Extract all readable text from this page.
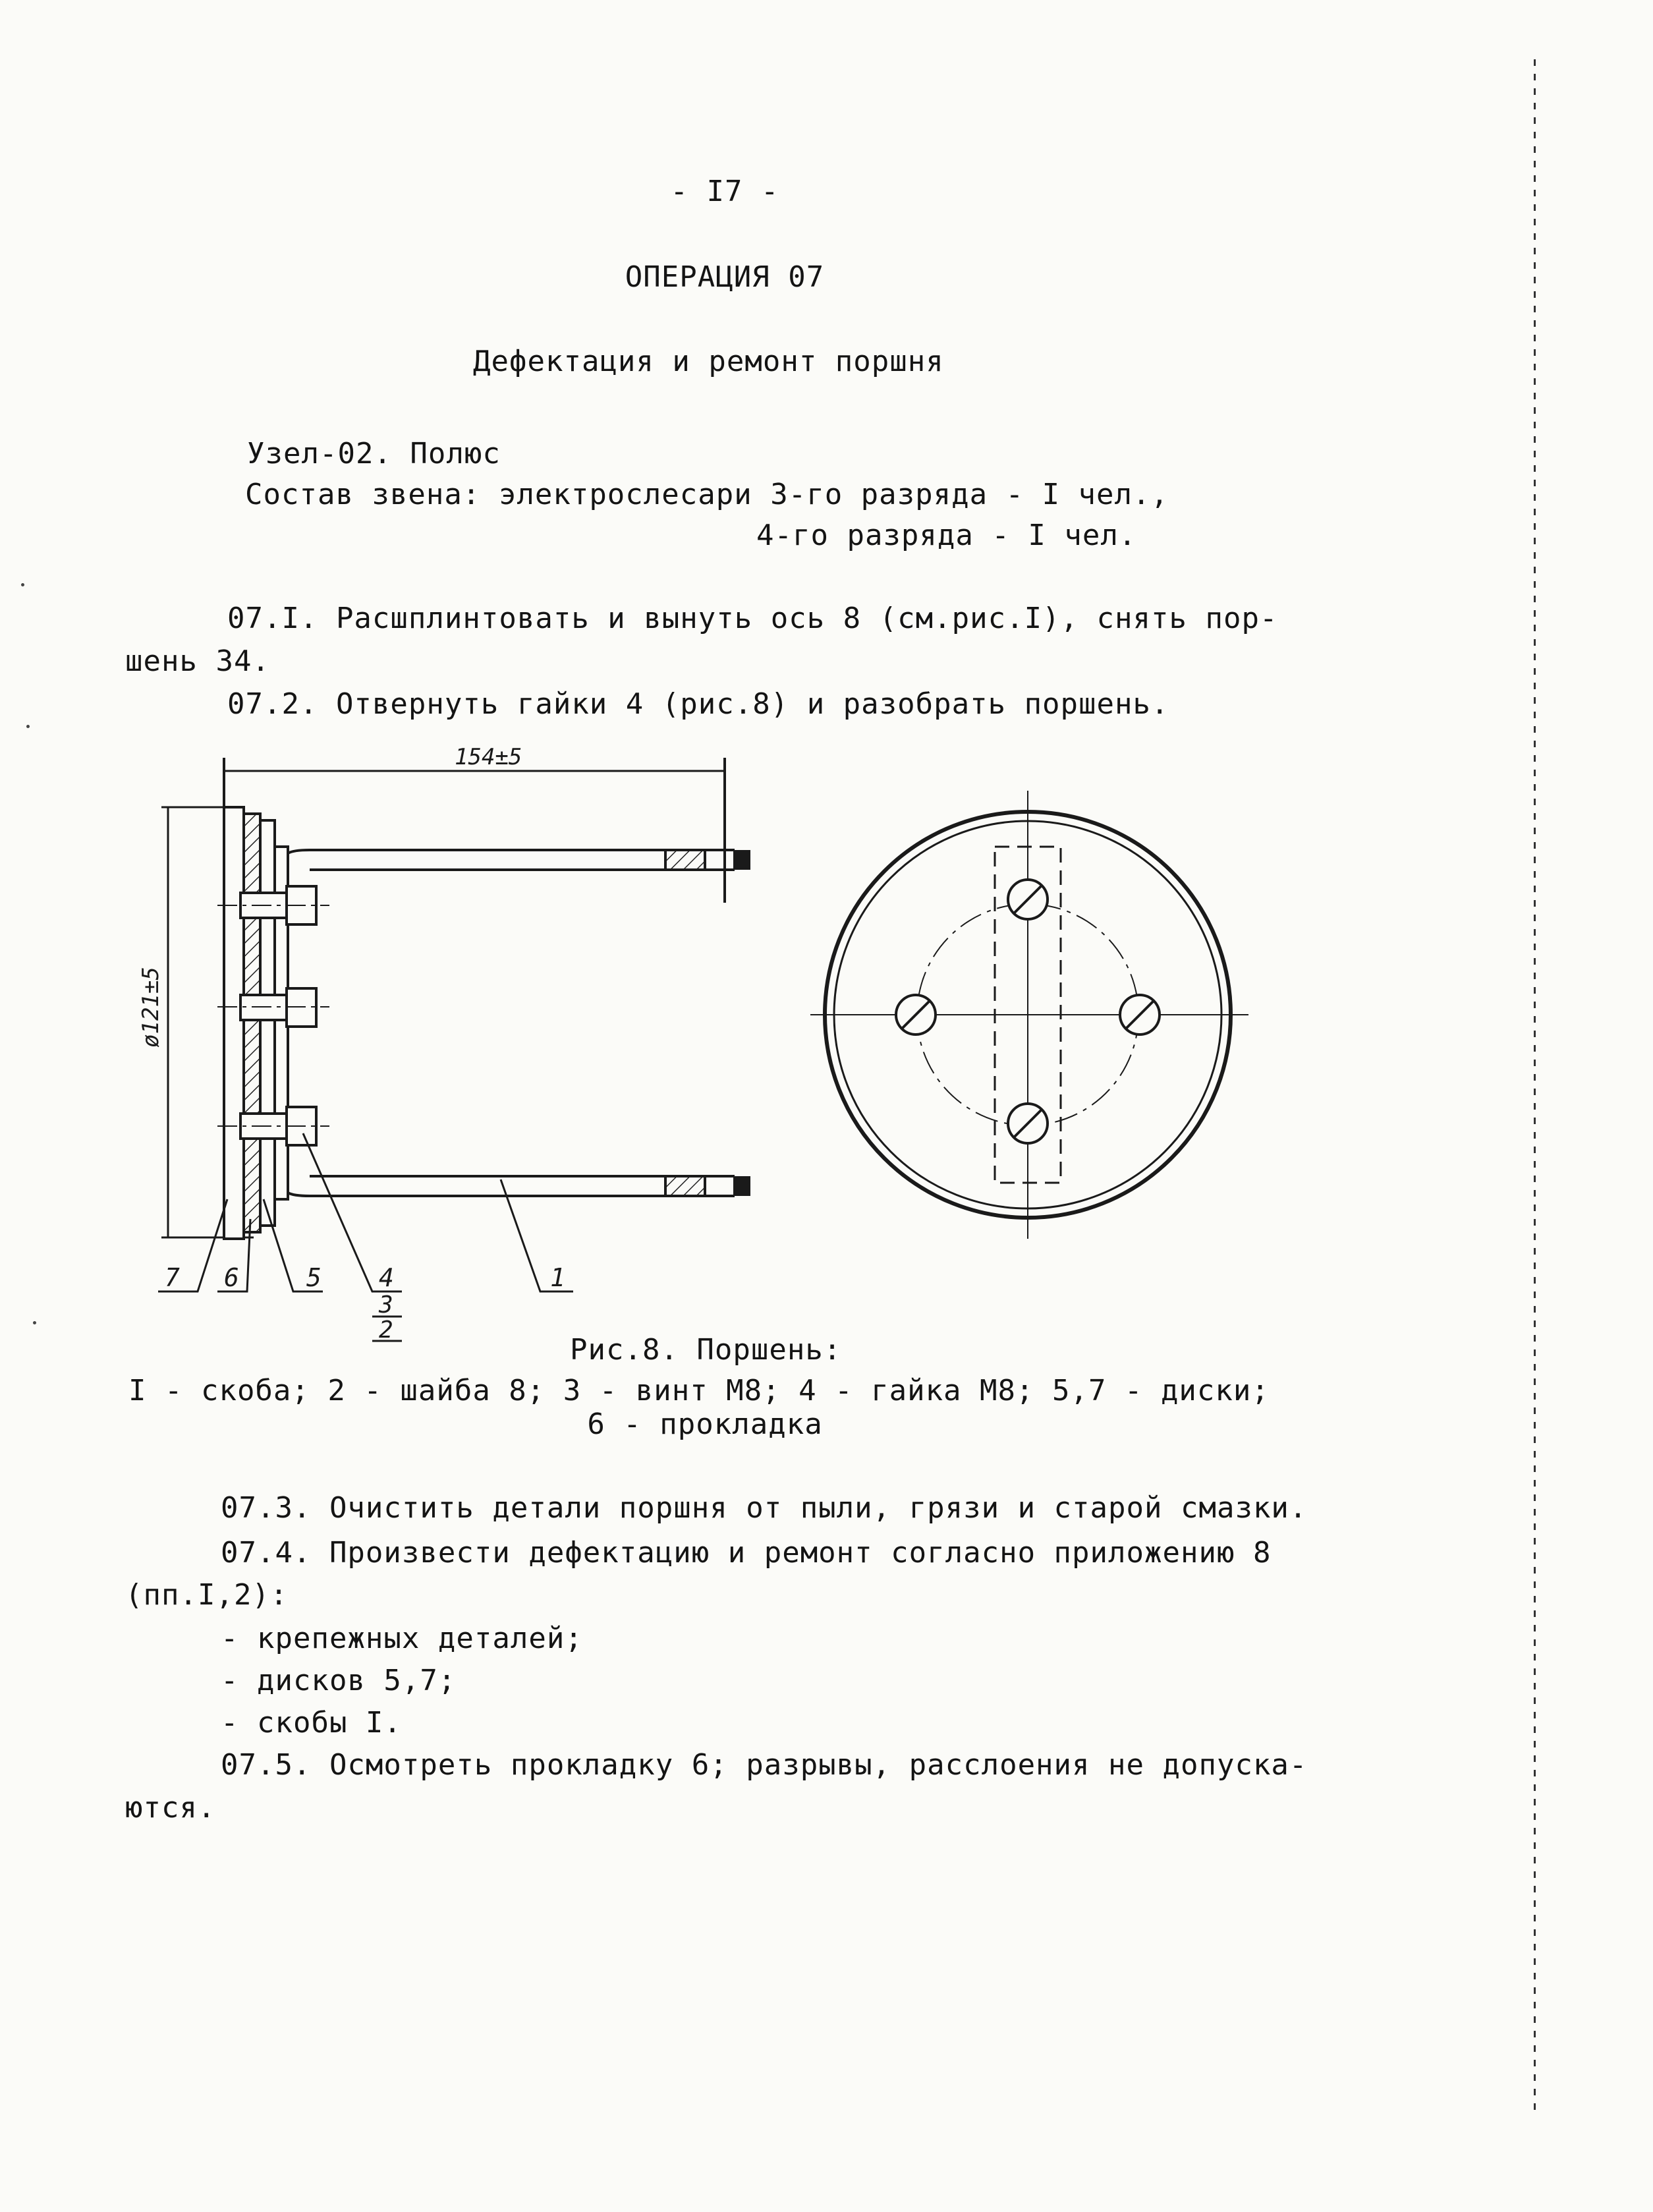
- I7 -
ОПЕРАЦИЯ 07
Дефектация и ремонт поршня
Узел-02. Полюс
Состав звена: электрослесари 3-го разряда - I чел.,
4-го разряда - I чел.
07.I. Расшплинтовать и вынуть ось 8 (см.рис.I), снять пор-
шень 34.
07.2. Отвернуть гайки 4 (рис.8) и разобрать поршень.
154±5
ø121±5
7 6	5 4
3
2
1
Рис.8. Поршень:
I - скоба; 2 - шайба 8; 3 - винт М8; 4 - гайка М8; 5,7 - диски;
6 - прокладка
07.3. Очистить детали поршня от пыли, грязи и старой смазки.
07.4. Произвести дефектацию и ремонт согласно приложению 8
(пп.I,2):
- крепежных деталей;
- дисков 5,7;
- скобы I.
07.5. Осмотреть прокладку 6; разрывы, расслоения не допуска-
ются.
